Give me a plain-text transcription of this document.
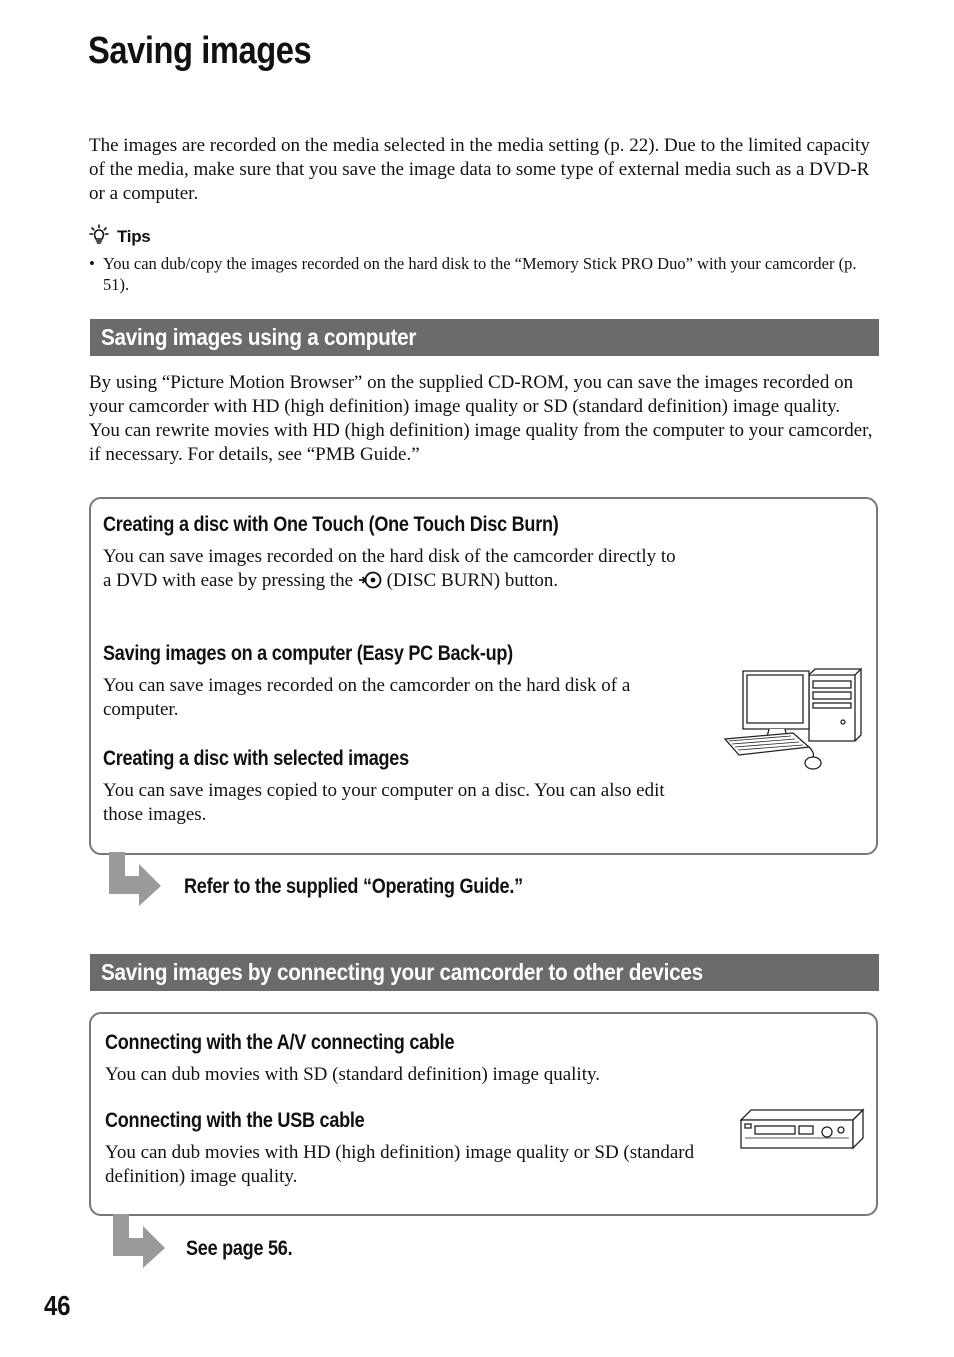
Saving images

The images are recorded on the media selected in the media setting (p. 22). Due to the limited capacity of the media, make sure that you save the image data to some type of external media such as a DVD-R or a computer.

Tips
• You can dub/copy the images recorded on the hard disk to the “Memory Stick PRO Duo” with your camcorder (p. 51).
Saving images using a computer

By using “Picture Motion Browser” on the supplied CD-ROM, you can save the images recorded on your camcorder with HD (high definition) image quality or SD (standard definition) image quality.

You can rewrite movies with HD (high definition) image quality from the computer to your camcorder, if necessary. For details, see “PMB Guide.”

Creating a disc with One Touch (One Touch Disc Burn)

You can save images recorded on the hard disk of the camcorder directly to a DVD with ease by pressing the (DISC BURN) button.

Saving images on a computer (Easy PC Back-up)

You can save images recorded on the camcorder on the hard disk of a computer.

Creating a disc with selected images

You can save images copied to your computer on a disc. You can also edit those images.

Refer to the supplied “Operating Guide.”
Saving images by connecting your camcorder to other devices
Connecting with the A/V connecting cable

You can dub movies with SD (standard definition) image quality.

Connecting with the USB cable

You can dub movies with HD (high definition) image quality or SD (standard definition) image quality.

See page 56.
46
